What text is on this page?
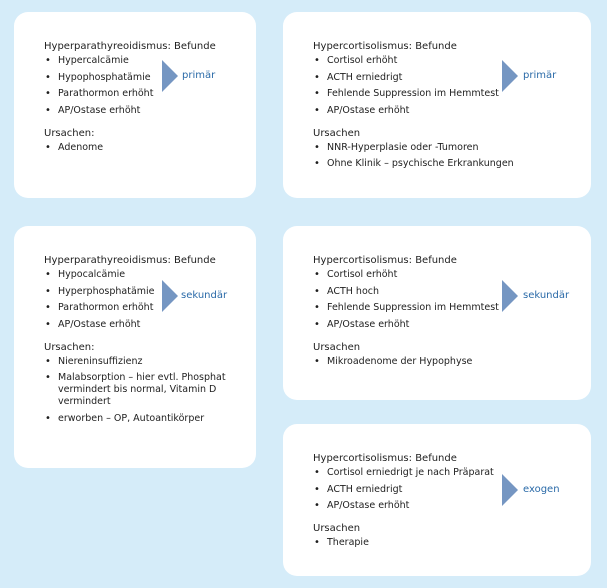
Hyperparathyreoidismus: Befunde
• Hypercalcämie
• Hypophosphatämie
• Parathormon erhöht
• AP/Ostase erhöht
Ursachen:
• Adenome
primär
Hypercortisolismus: Befunde
• Cortisol erhöht
• ACTH erniedrigt
• Fehlende Suppression im Hemmtest
• AP/Ostase erhöht
Ursachen
• NNR-Hyperplasie oder -Tumoren
• Ohne Klinik – psychische Erkrankungen
primär
Hyperparathyreoidismus: Befunde
• Hypocalcämie
• Hyperphosphatämie
• Parathormon erhöht
• AP/Ostase erhöht
Ursachen:
• Niereninsuffizienz
• Malabsorption – hier evtl. Phosphat vermindert bis normal, Vitamin D vermindert
• erworben – OP, Autoantikörper
sekundär
Hypercortisolismus: Befunde
• Cortisol erhöht
• ACTH hoch
• Fehlende Suppression im Hemmtest
• AP/Ostase erhöht
Ursachen
• Mikroadenome der Hypophyse
sekundär
Hypercortisolismus: Befunde
• Cortisol erniedrigt je nach Präparat
• ACTH erniedrigt
• AP/Ostase erhöht
Ursachen
• Therapie
exogen
